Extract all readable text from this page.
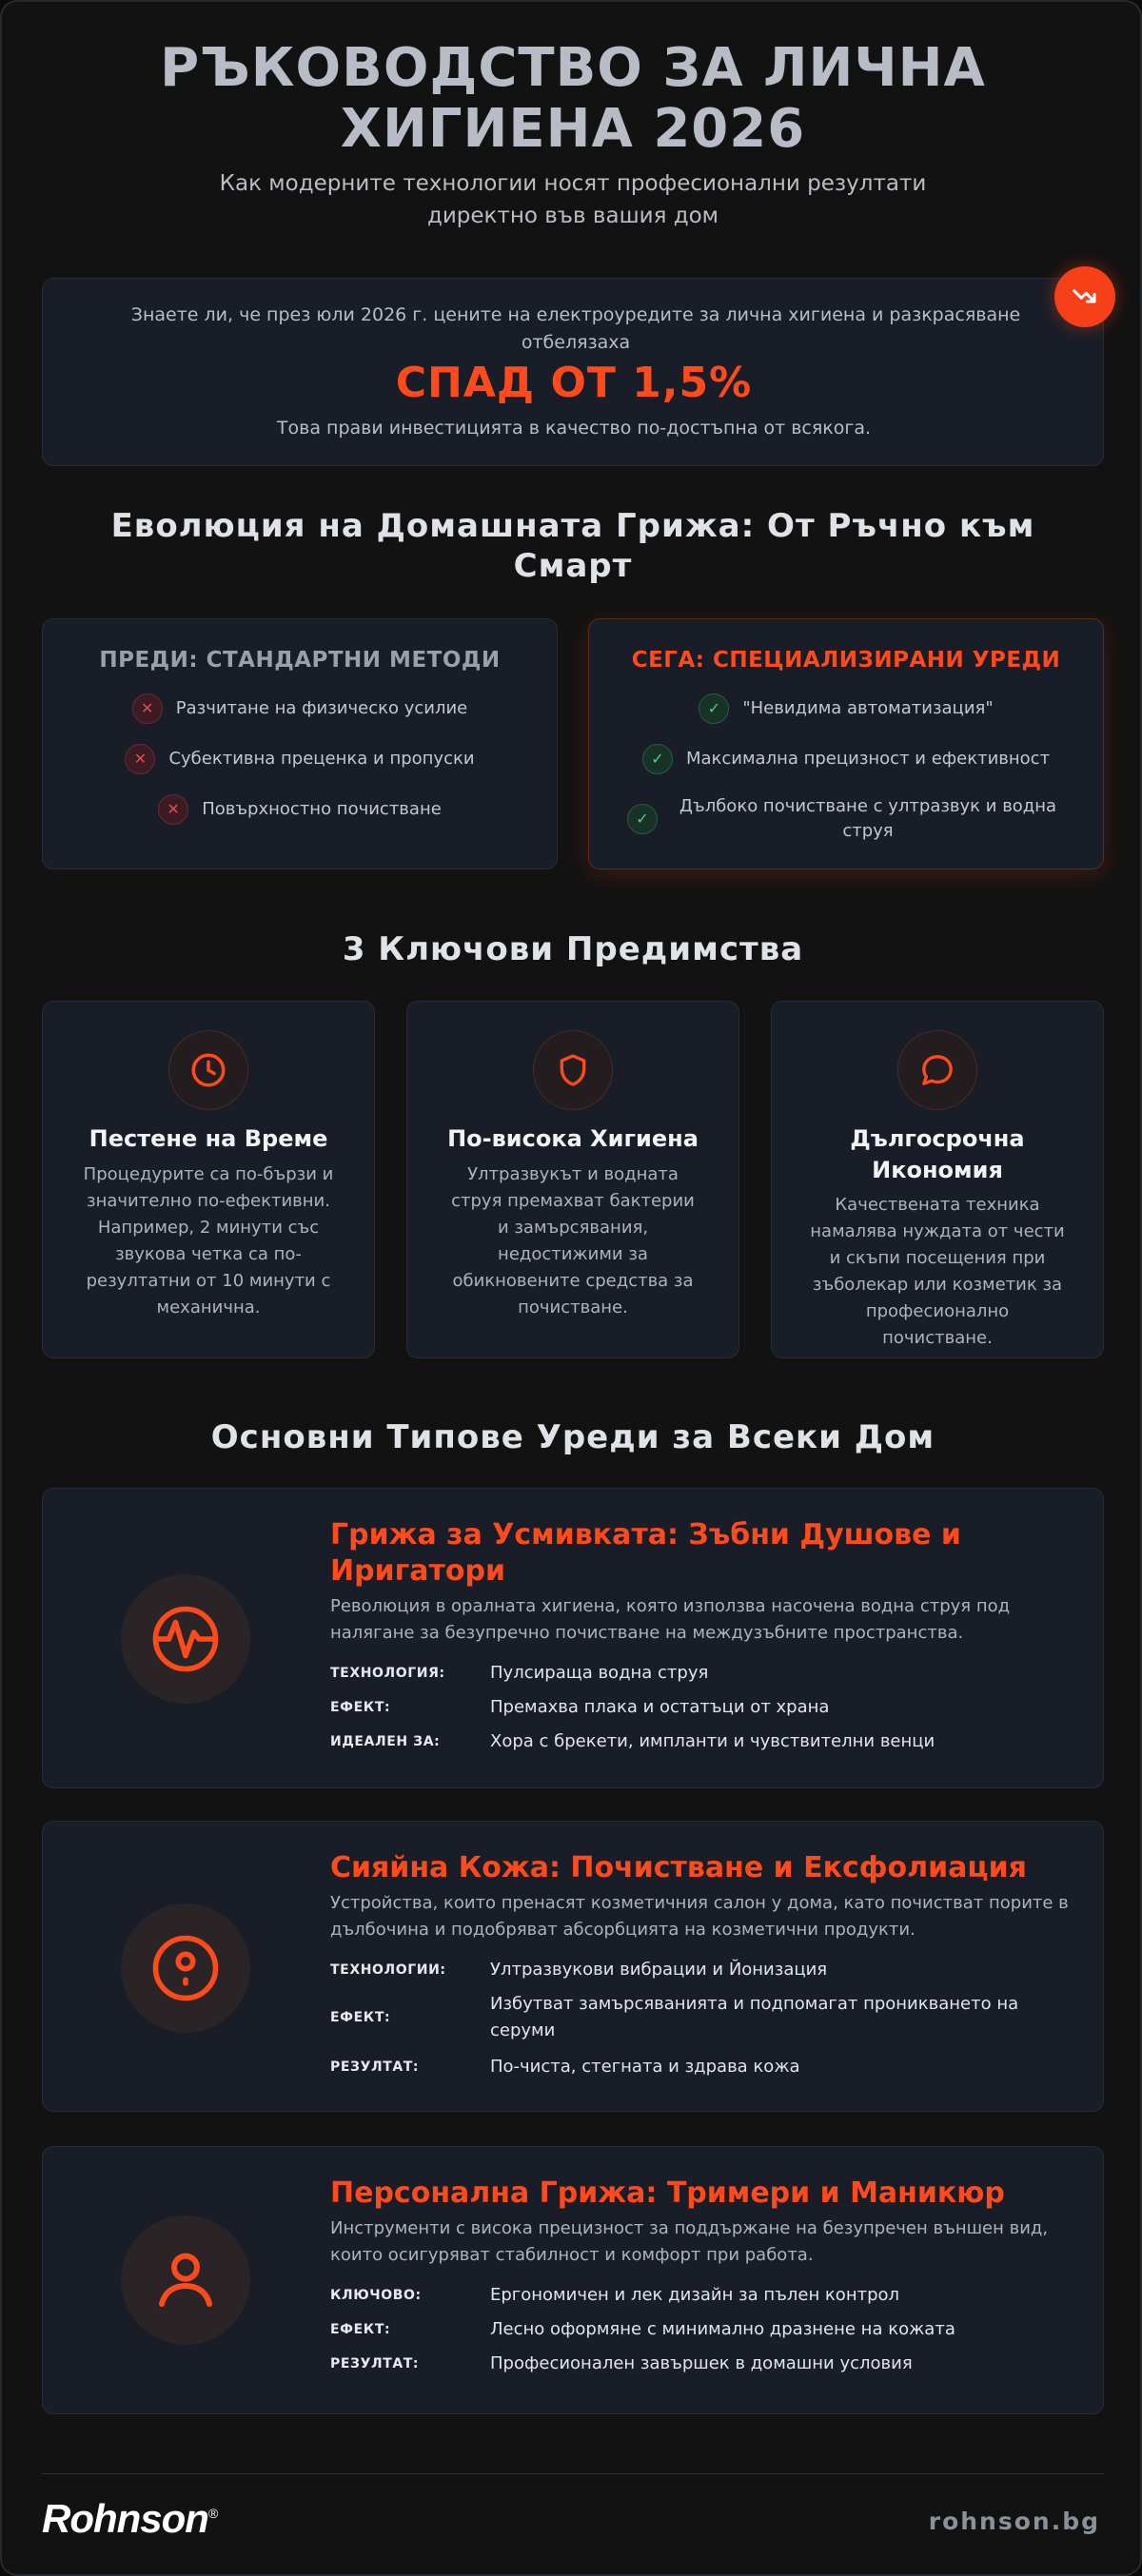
РЪКОВОДСТВО ЗА ЛИЧНА
ХИГИЕНА 2026
Как модерните технологии носят професионални резултати
директно във вашия дом
Знаете ли, че през юли 2026 г. цените на електроуредите за лична хигиена и разкрасяване отбелязаха
СПАД ОТ 1,5%
Това прави инвестицията в качество по-достъпна от всякога.
Еволюция на Домашната Грижа: От Ръчно към
Смарт
ПРЕДИ: СТАНДАРТНИ МЕТОДИ
✕	Разчитане на физическо усилие
✕	Субективна преценка и пропуски
✕	Повърхностно почистване
СЕГА: СПЕЦИАЛИЗИРАНИ УРЕДИ
✓	"Невидима автоматизация"
✓	Максимална прецизност и ефективност
✓
Дълбоко почистване с ултразвук и водна струя
3 Ключови Предимства
Пестене на Време
Процедурите са по-бързи и значително по-ефективни. Например, 2 минути със звукова четка са по-резултатни от 10 минути с механична.
По-висока Хигиена
Ултразвукът и водната струя премахват бактерии и замърсявания, недостижими за обикновените средства за почистване.
Дългосрочна
Икономия
Качествената техника намалява нуждата от чести и скъпи посещения при зъболекар или козметик за професионално почистване.
Основни Типове Уреди за Всеки Дом
Грижа за Усмивката: Зъбни Душове и
Иригатори
Революция в оралната хигиена, която използва насочена водна струя под налягане за безупречно почистване на междузъбните пространства.
ТЕХНОЛОГИЯ:	Пулсираща водна струя
ЕФЕКТ:	Премахва плака и остатъци от храна
ИДЕАЛЕН ЗА:	Хора с брекети, импланти и чувствителни венци
Сияйна Кожа: Почистване и Ексфолиация
Устройства, които пренасят козметичния салон у дома, като почистват порите в дълбочина и подобряват абсорбцията на козметични продукти.
ТЕХНОЛОГИИ:	Ултразвукови вибрации и Йонизация
ЕФЕКТ:
Избутват замърсяванията и подпомагат проникването на серуми
РЕЗУЛТАТ:	По-чиста, стегната и здрава кожа
Персонална Грижа: Тримери и Маникюр
Инструменти с висока прецизност за поддържане на безупречен външен вид, които осигуряват стабилност и комфорт при работа.
КЛЮЧОВО:	Ергономичен и лек дизайн за пълен контрол
ЕФЕКТ:	Лесно оформяне с минимално дразнене на кожата
РЕЗУЛТАТ:	Професионален завършек в домашни условия
Rohnson®	rohnson.bg
